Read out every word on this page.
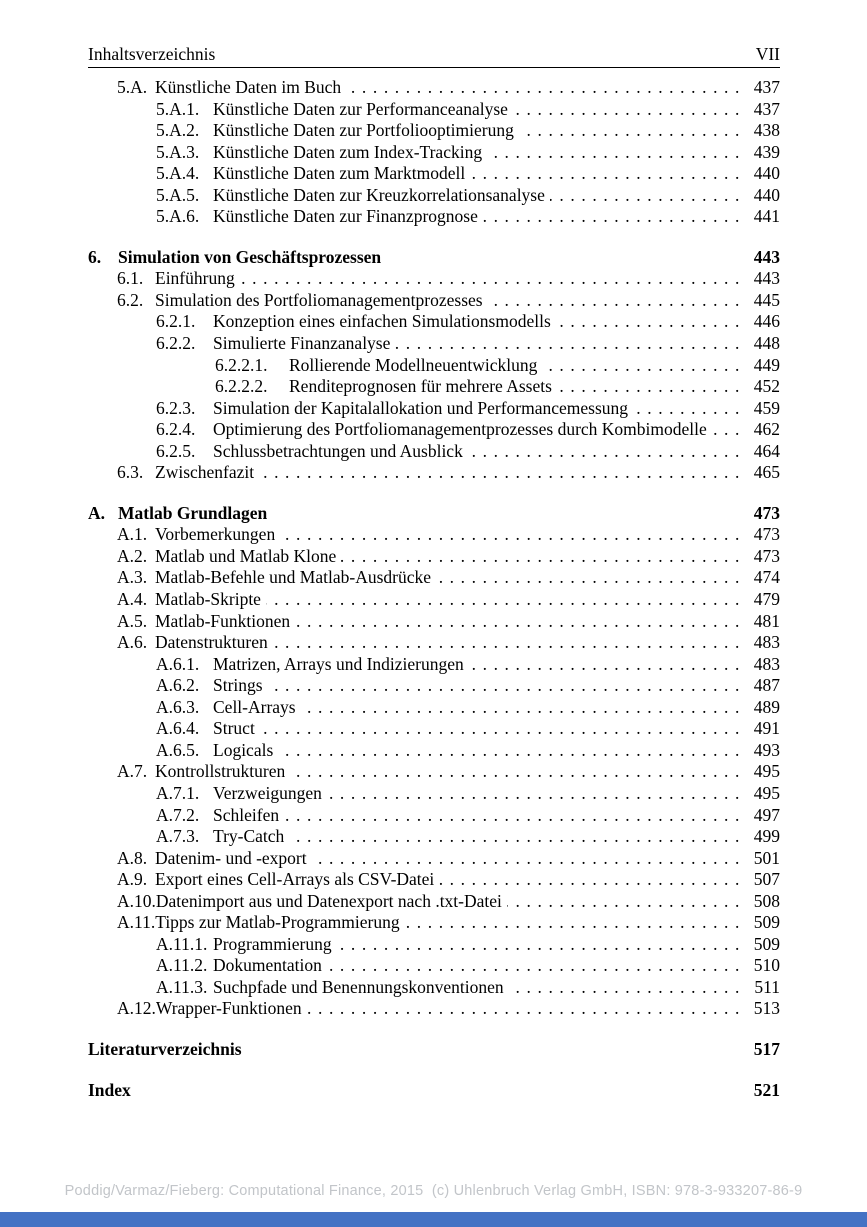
Inhaltsverzeichnis	VII
5.A. Künstliche Daten im Buch .....	437
5.A.1. Künstliche Daten zur Performanceanalyse .....	437
5.A.2. Künstliche Daten zur Portfoliooptimierung .....	438
5.A.3. Künstliche Daten zum Index-Tracking .....	439
5.A.4. Künstliche Daten zum Marktmodell .....	440
5.A.5. Künstliche Daten zur Kreuzkorrelationsanalyse .....	440
5.A.6. Künstliche Daten zur Finanzprognose .....	441
6. Simulation von Geschäftsprozessen	443
6.1. Einführung .....	443
6.2. Simulation des Portfoliomanagementprozesses .....	445
6.2.1.	Konzeption eines einfachen Simulationsmodells .....	446
6.2.2.	Simulierte Finanzanalyse .....	448
6.2.2.1.	Rollierende Modellneuentwicklung .....	449
6.2.2.2.	Renditeprognosen für mehrere Assets .....	452
6.2.3.	Simulation der Kapitalallokation und Performancemessung .....	459
6.2.4.	Optimierung des Portfoliomanagementprozesses durch Kombimodelle .....	462
6.2.5.	Schlussbetrachtungen und Ausblick .....	464
6.3. Zwischenfazit .....	465
A. Matlab Grundlagen	473
A.1. Vorbemerkungen .....	473
A.2. Matlab und Matlab Klone .....	473
A.3. Matlab-Befehle und Matlab-Ausdrücke .....	474
A.4. Matlab-Skripte .....	479
A.5. Matlab-Funktionen .....	481
A.6. Datenstrukturen .....	483
A.6.1. Matrizen, Arrays und Indizierungen .....	483
A.6.2. Strings .....	487
A.6.3. Cell-Arrays .....	489
A.6.4. Struct .....	491
A.6.5. Logicals .....	493
A.7. Kontrollstrukturen .....	495
A.7.1. Verzweigungen .....	495
A.7.2. Schleifen .....	497
A.7.3. Try-Catch .....	499
A.8. Datenim- und -export .....	501
A.9. Export eines Cell-Arrays als CSV-Datei .....	507
A.10. Datenimport aus und Datenexport nach .txt-Datei .....	508
A.11. Tipps zur Matlab-Programmierung .....	509
A.11.1. Programmierung .....	509
A.11.2. Dokumentation .....	510
A.11.3. Suchpfade und Benennungskonventionen .....	511
A.12. Wrapper-Funktionen .....	513
Literaturverzeichnis	517
Index	521
Poddig/Varmaz/Fieberg: Computational Finance, 2015  (c) Uhlenbruch Verlag GmbH, ISBN: 978-3-933207-86-9
